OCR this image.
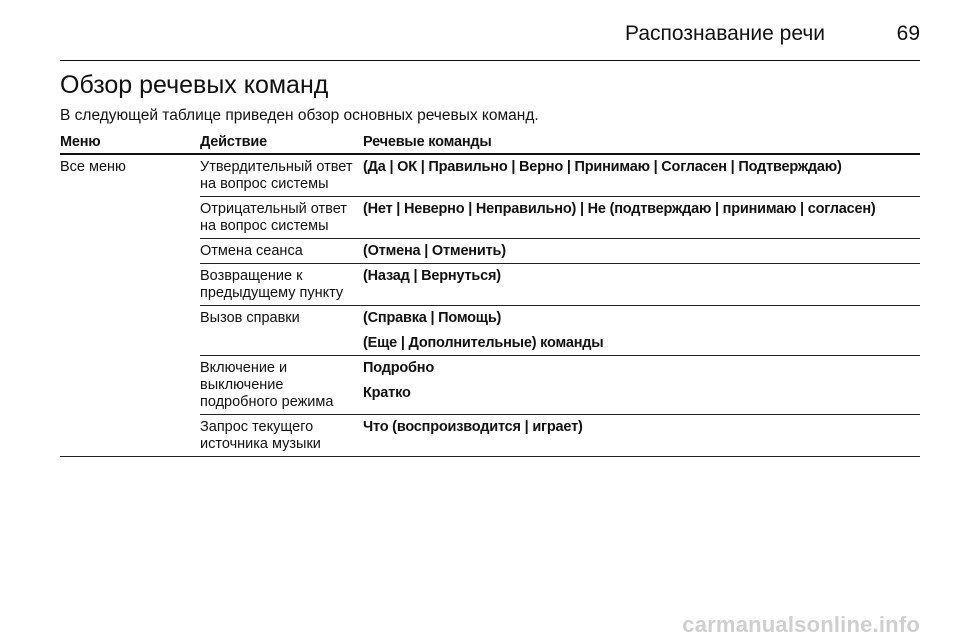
Распознавание речи	69
Обзор речевых команд
В следующей таблице приведен обзор основных речевых команд.
Меню	Действие	Речевые команды
Все меню	Утвердительный ответ на вопрос системы	(Да | ОК | Правильно | Верно | Принимаю | Согласен | Подтверждаю)

	Отрицательный ответ на вопрос системы	(Нет | Неверно | Неправильно) | Не (подтверждаю | принимаю | согласен)

	Отмена сеанса	(Отмена | Отменить)

	Возвращение к предыдущему пункту	(Назад | Вернуться)

	Вызов справки	(Справка | Помощь)
(Еще | Дополнительные) команды

	Включение и выключение подробного режима	Подробно
Кратко

	Запрос текущего источника музыки	Что (воспроизводится | играет)
carmanualsonline.info
